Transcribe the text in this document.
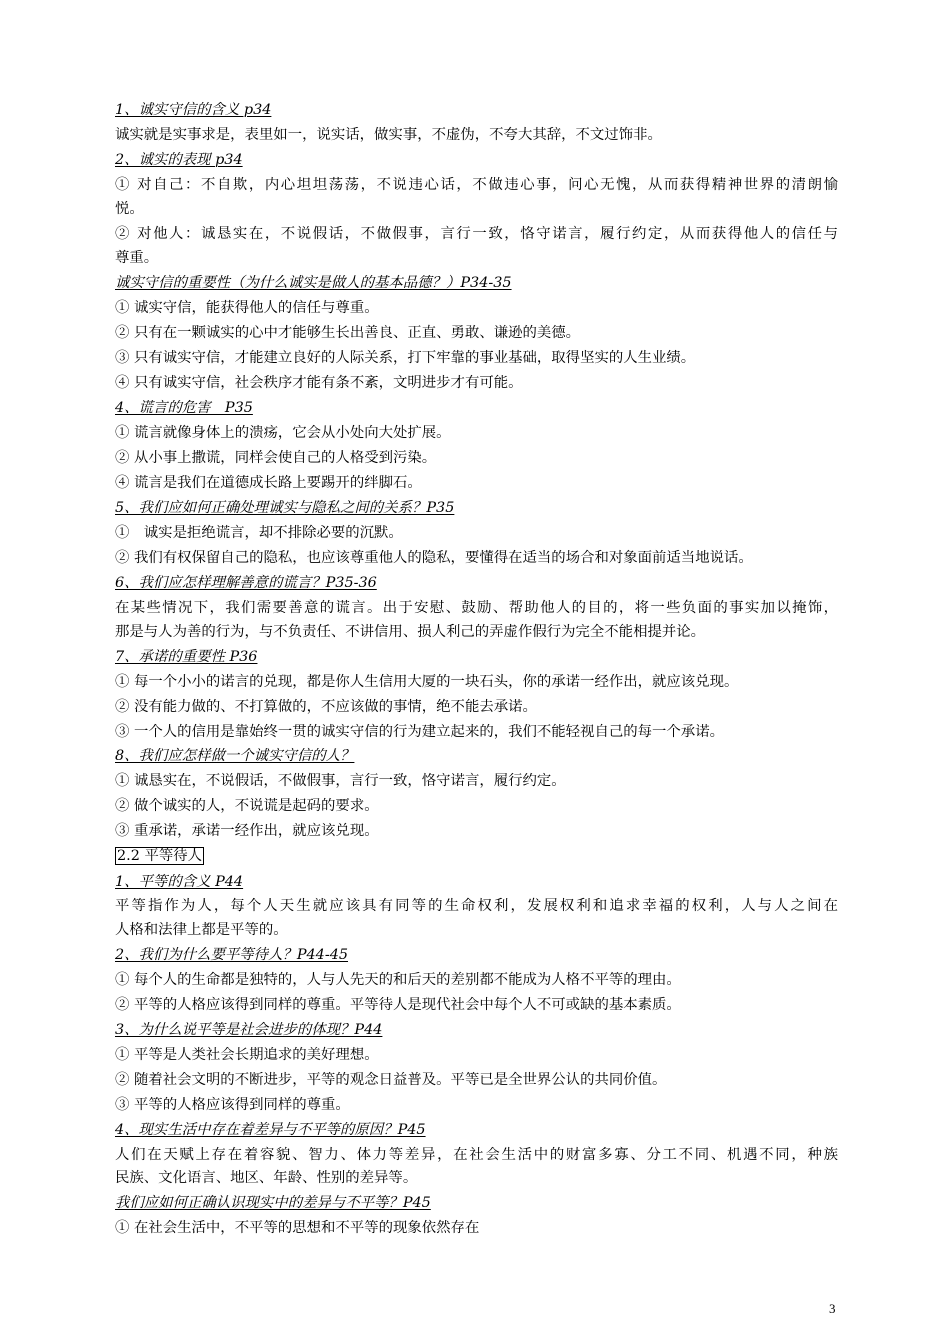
1、诚实守信的含义 p34
诚实就是实事求是，表里如一，说实话，做实事，不虚伪，不夸大其辞，不文过饰非。
2、诚实的表现 p34
① 对自己：不自欺，内心坦坦荡荡，不说违心话，不做违心事，问心无愧，从而获得精神世界的清朗愉
悦。
② 对他人：诚恳实在，不说假话，不做假事，言行一致，恪守诺言，履行约定，从而获得他人的信任与
尊重。
诚实守信的重要性（为什么诚实是做人的基本品德？）P34-35
① 诚实守信，能获得他人的信任与尊重。
② 只有在一颗诚实的心中才能够生长出善良、正直、勇敢、谦逊的美德。
③ 只有诚实守信，才能建立良好的人际关系，打下牢靠的事业基础，取得坚实的人生业绩。
④ 只有诚实守信，社会秩序才能有条不紊，文明进步才有可能。
4、谎言的危害　P35
① 谎言就像身体上的溃疡，它会从小处向大处扩展。
② 从小事上撒谎，同样会使自己的人格受到污染。
④ 谎言是我们在道德成长路上要踢开的绊脚石。
5、我们应如何正确处理诚实与隐私之间的关系？P35
①　诚实是拒绝谎言，却不排除必要的沉默。
② 我们有权保留自己的隐私，也应该尊重他人的隐私，要懂得在适当的场合和对象面前适当地说话。
6、我们应怎样理解善意的谎言？P35-36
在某些情况下，我们需要善意的谎言。出于安慰、鼓励、帮助他人的目的，将一些负面的事实加以掩饰，
那是与人为善的行为，与不负责任、不讲信用、损人利己的弄虚作假行为完全不能相提并论。
7、承诺的重要性 P36
① 每一个小小的诺言的兑现，都是你人生信用大厦的一块石头，你的承诺一经作出，就应该兑现。
② 没有能力做的、不打算做的，不应该做的事情，绝不能去承诺。
③ 一个人的信用是靠始终一贯的诚实守信的行为建立起来的，我们不能轻视自己的每一个承诺。
8、我们应怎样做一个诚实守信的人？
① 诚恳实在，不说假话，不做假事，言行一致，恪守诺言，履行约定。
② 做个诚实的人，不说谎是起码的要求。
③ 重承诺，承诺一经作出，就应该兑现。
2.2 平等待人
1、平等的含义 P44
平等指作为人，每个人天生就应该具有同等的生命权利，发展权利和追求幸福的权利，人与人之间在
人格和法律上都是平等的。
2、我们为什么要平等待人？P44-45
① 每个人的生命都是独特的，人与人先天的和后天的差别都不能成为人格不平等的理由。
② 平等的人格应该得到同样的尊重。平等待人是现代社会中每个人不可或缺的基本素质。
3、为什么说平等是社会进步的体现？P44
① 平等是人类社会长期追求的美好理想。
② 随着社会文明的不断进步，平等的观念日益普及。平等已是全世界公认的共同价值。
③ 平等的人格应该得到同样的尊重。
4、现实生活中存在着差异与不平等的原因？P45
人们在天赋上存在着容貌、智力、体力等差异，在社会生活中的财富多寡、分工不同、机遇不同，种族
民族、文化语言、地区、年龄、性别的差异等。
我们应如何正确认识现实中的差异与不平等？P45
① 在社会生活中，不平等的思想和不平等的现象依然存在
3
